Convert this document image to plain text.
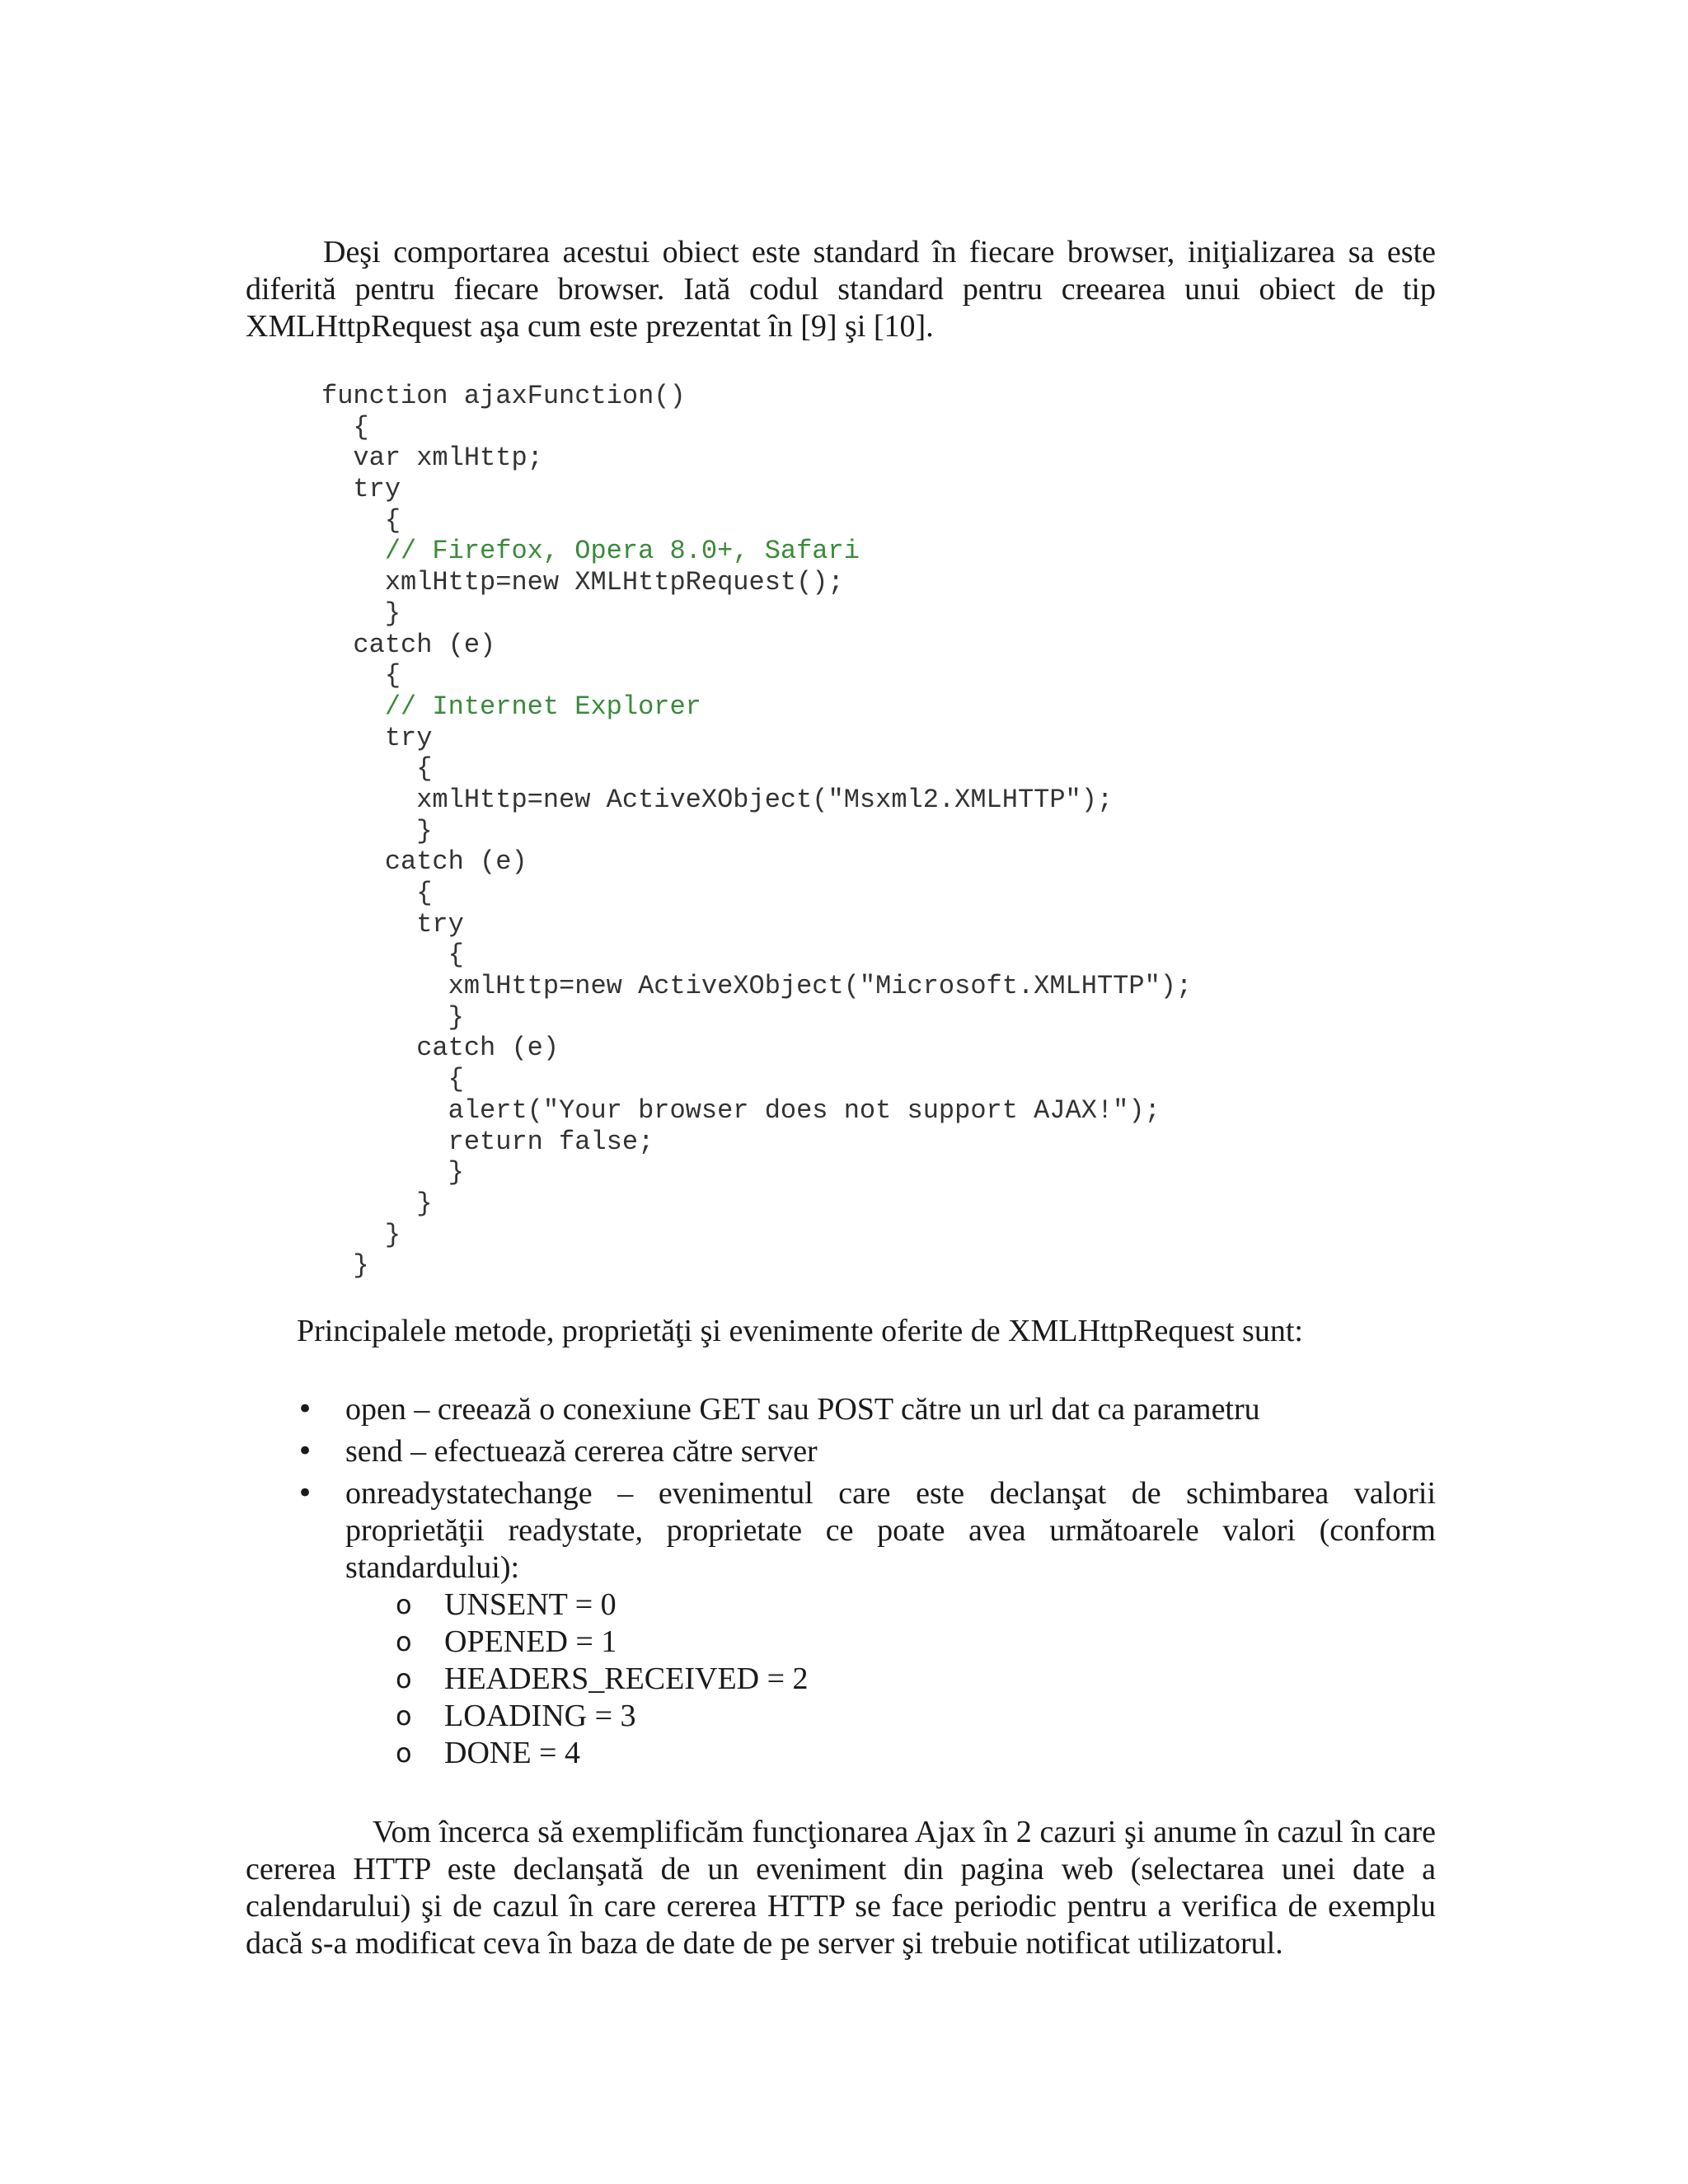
Deşi comportarea acestui obiect este standard în fiecare browser, iniţializarea sa este diferită pentru fiecare browser. Iată codul standard pentru creearea unui obiect de tip XMLHttpRequest aşa cum este prezentat în [9] şi [10].

function ajaxFunction()
{
var xmlHttp;
try
{
// Firefox, Opera 8.0+, Safari
xmlHttp=new XMLHttpRequest();
}
catch (e)
{
// Internet Explorer
try
{
xmlHttp=new ActiveXObject("Msxml2.XMLHTTP");
}
catch (e)
{
try
{
xmlHttp=new ActiveXObject("Microsoft.XMLHTTP");
}
catch (e)
{
alert("Your browser does not support AJAX!");
return false;
}
}
}
}

Principalele metode, proprietăţi şi evenimente oferite de XMLHttpRequest sunt:

• open – creează o conexiune GET sau POST către un url dat ca parametru
• send – efectuează cererea către server
• onreadystatechange – evenimentul care este declanşat de schimbarea valorii proprietăţii readystate, proprietate ce poate avea următoarele valori (conform standardului):
o UNSENT = 0
o OPENED = 1
o HEADERS_RECEIVED = 2
o LOADING = 3
o DONE = 4

Vom încerca să exemplificăm funcţionarea Ajax în 2 cazuri şi anume în cazul în care cererea HTTP este declanşată de un eveniment din pagina web (selectarea unei date a calendarului) şi de cazul în care cererea HTTP se face periodic pentru a verifica de exemplu dacă s-a modificat ceva în baza de date de pe server şi trebuie notificat utilizatorul.
